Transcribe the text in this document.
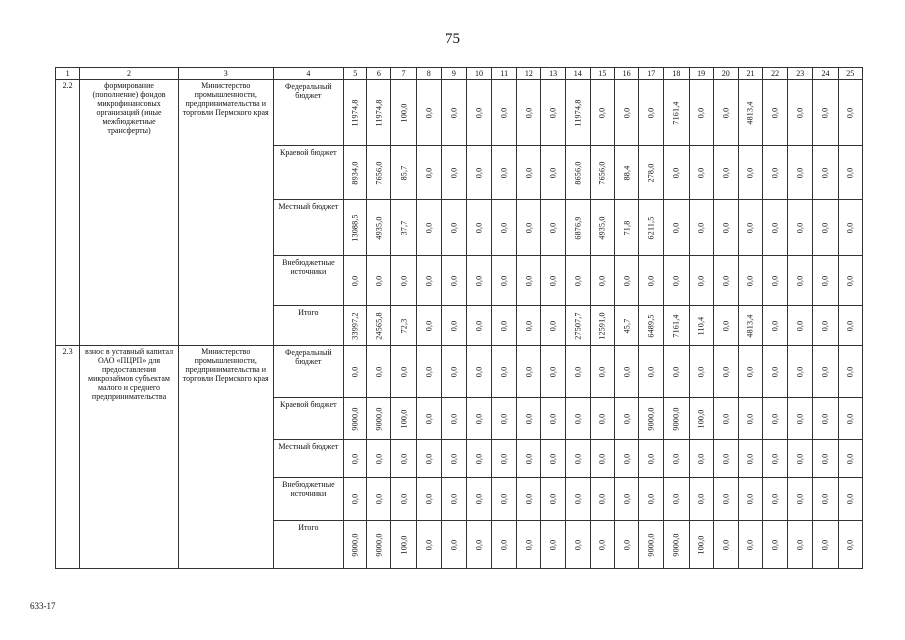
75
1	2	3	4	5	6	7	8	9	10	11	12	13	14	15	16	17	18	19	20	21	22	23	24	25
2.2	формирование (пополнение) фондов микрофинансовых организаций (иные межбюджетные трансферты)	Министерство промышленности, предпринимательства и торговли Пермского края	Федеральный бюджет	11974,8	11974,8	100,0	0,0	0,0	0,0	0,0	0,0	0,0	11974,8	0,0	0,0	0,0	7161,4	0,0	0,0	4813,4	0,0	0,0	0,0	0,0

			Краевой бюджет	8934,0	7656,0	85,7	0,0	0,0	0,0	0,0	0,0	0,0	8656,0	7656,0	88,4	278,0	0,0	0,0	0,0	0,0	0,0	0,0	0,0	0,0

			Местный бюджет	13088,5	4935,0	37,7	0,0	0,0	0,0	0,0	0,0	0,0	6876,9	4935,0	71,8	6211,5	0,0	0,0	0,0	0,0	0,0	0,0	0,0	0,0

			Внебюджетные источники	0,0	0,0	0,0	0,0	0,0	0,0	0,0	0,0	0,0	0,0	0,0	0,0	0,0	0,0	0,0	0,0	0,0	0,0	0,0	0,0	0,0

			Итого	33997,2	24565,8	72,3	0,0	0,0	0,0	0,0	0,0	0,0	27507,7	12591,0	45,7	6489,5	7161,4	110,4	0,0	4813,4	0,0	0,0	0,0	0,0

2.3	взнос в уставный капитал ОАО «ПЦРП» для предоставления микрозаймов субъектам малого и среднего предпринимательства	Министерство промышленности, предпринимательства и торговли Пермского края	Федеральный бюджет	0,0	0,0	0,0	0,0	0,0	0,0	0,0	0,0	0,0	0,0	0,0	0,0	0,0	0,0	0,0	0,0	0,0	0,0	0,0	0,0	0,0

			Краевой бюджет	9000,0	9000,0	100,0	0,0	0,0	0,0	0,0	0,0	0,0	0,0	0,0	0,0	9000,0	9000,0	100,0	0,0	0,0	0,0	0,0	0,0	0,0

			Местный бюджет	0,0	0,0	0,0	0,0	0,0	0,0	0,0	0,0	0,0	0,0	0,0	0,0	0,0	0,0	0,0	0,0	0,0	0,0	0,0	0,0	0,0

			Внебюджетные источники	0,0	0,0	0,0	0,0	0,0	0,0	0,0	0,0	0,0	0,0	0,0	0,0	0,0	0,0	0,0	0,0	0,0	0,0	0,0	0,0	0,0

			Итого	9000,0	9000,0	100,0	0,0	0,0	0,0	0,0	0,0	0,0	0,0	0,0	0,0	9000,0	9000,0	100,0	0,0	0,0	0,0	0,0	0,0	0,0
633-17
